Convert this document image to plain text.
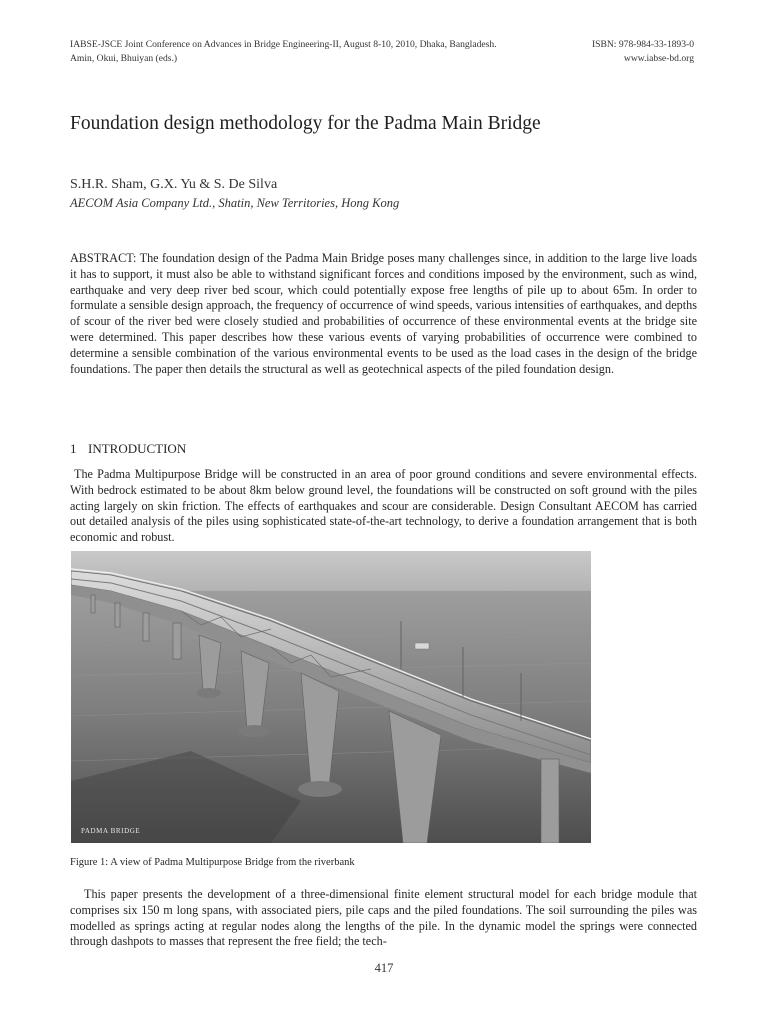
IABSE-JSCE Joint Conference on Advances in Bridge Engineering-II, August 8-10, 2010, Dhaka, Bangladesh.
Amin, Okui, Bhuiyan (eds.)
ISBN: 978-984-33-1893-0
www.iabse-bd.org
Foundation design methodology for the Padma Main Bridge
S.H.R. Sham, G.X. Yu & S. De Silva
AECOM Asia Company Ltd., Shatin, New Territories, Hong Kong

ABSTRACT: The foundation design of the Padma Main Bridge poses many challenges since, in addition to the large live loads it has to support, it must also be able to withstand significant forces and conditions imposed by the environment, such as wind, earthquake and very deep river bed scour, which could potentially expose free lengths of pile up to about 65m. In order to formulate a sensible design approach, the frequency of occurrence of wind speeds, various intensities of earthquakes, and depths of scour of the river bed were closely studied and probabilities of occurrence of these environmental events at the bridge site were determined. This paper describes how these various events of varying probabilities of occurrence were combined to determine a sensible combination of the various environmental events to be used as the load cases in the design of the bridge foundations. The paper then details the structural as well as geotechnical aspects of the piled foundation design.

1 INTRODUCTION

The Padma Multipurpose Bridge will be constructed in an area of poor ground conditions and severe environmental effects. With bedrock estimated to be about 8km below ground level, the foundations will be constructed on soft ground with the piles acting largely on skin friction. The effects of earthquakes and scour are considerable. Design Consultant AECOM has carried out detailed analysis of the piles using sophisticated state-of-the-art technology, to derive a foundation arrangement that is both economic and robust.

PADMA BRIDGE
Figure 1: A view of Padma Multipurpose Bridge from the riverbank

This paper presents the development of a three-dimensional finite element structural model for each bridge module that comprises six 150 m long spans, with associated piers, pile caps and the piled foundations. The soil surrounding the piles was modelled as springs acting at regular nodes along the lengths of the pile. In the dynamic model the springs were connected through dashpots to masses that represent the free field; the tech-

417
